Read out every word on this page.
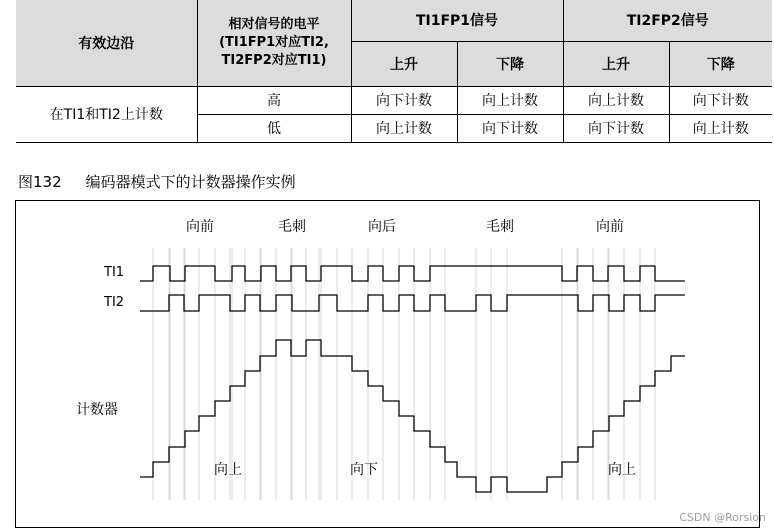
有效边沿	相对信号的电平
(TI1FP1对应TI2,
TI2FP2对应TI1)	TI1FP1信号		TI2FP2信号	
		上升	下降	上升	下降
在TI1和TI2上计数	高	向下计数	向上计数	向上计数	向下计数
	低	向上计数	向下计数	向下计数	向上计数
图132 编码器模式下的计数器操作实例
向前	毛刺	向后	毛刺	向前
TI1
TI2
计数器
向上	向下	向上
CSDN @Rorsion
